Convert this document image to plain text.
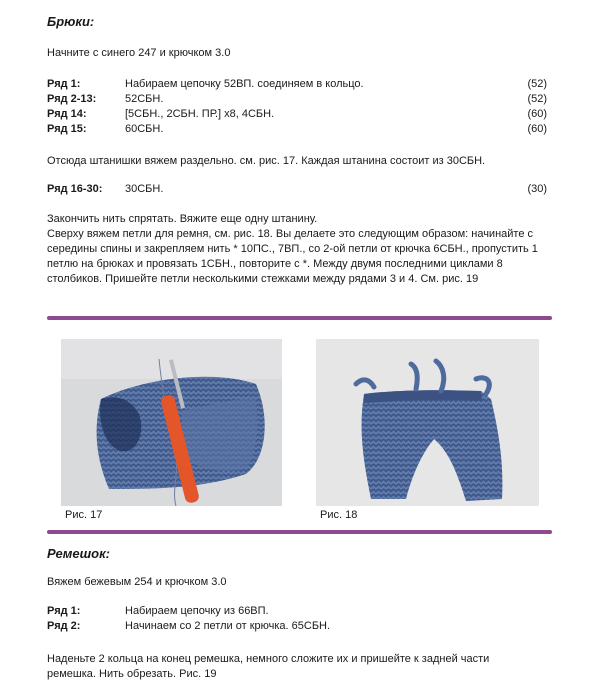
Брюки:
Начните с синего 247 и крючком 3.0
Ряд 1:	Набираем цепочку 52ВП. соединяем в кольцо.	(52)
Ряд 2-13:	52СБН.	(52)
Ряд 14:	[5СБН., 2СБН. ПР.] х8, 4СБН.	(60)
Ряд 15:	60СБН.	(60)
Отсюда штанишки вяжем раздельно. см. рис. 17. Каждая штанина состоит из 30СБН.
Ряд 16-30: 30СБН.	(30)
Закончить нить спрятать. Вяжите еще одну штанину.
Сверху вяжем петли для ремня, см. рис. 18. Вы делаете это следующим образом: начинайте с
середины спины и закрепляем нить * 10ПС., 7ВП., со 2-ой петли от крючка 6СБН., пропустить 1
петлю на брюках и провязать 1СБН., повторите с *. Между двумя последними циклами 8
столбиков. Пришейте петли несколькими стежками между рядами 3 и 4. См. рис. 19
Рис. 17	Рис. 18
Ремешок:
Вяжем бежевым 254 и крючком 3.0
Ряд 1:	Набираем цепочку из 66ВП.
Ряд 2:	Начинаем со 2 петли от крючка. 65СБН.
Наденьте 2 кольца на конец ремешка, немного сложите их и пришейте к задней части
ремешка. Нить обрезать. Рис. 19
